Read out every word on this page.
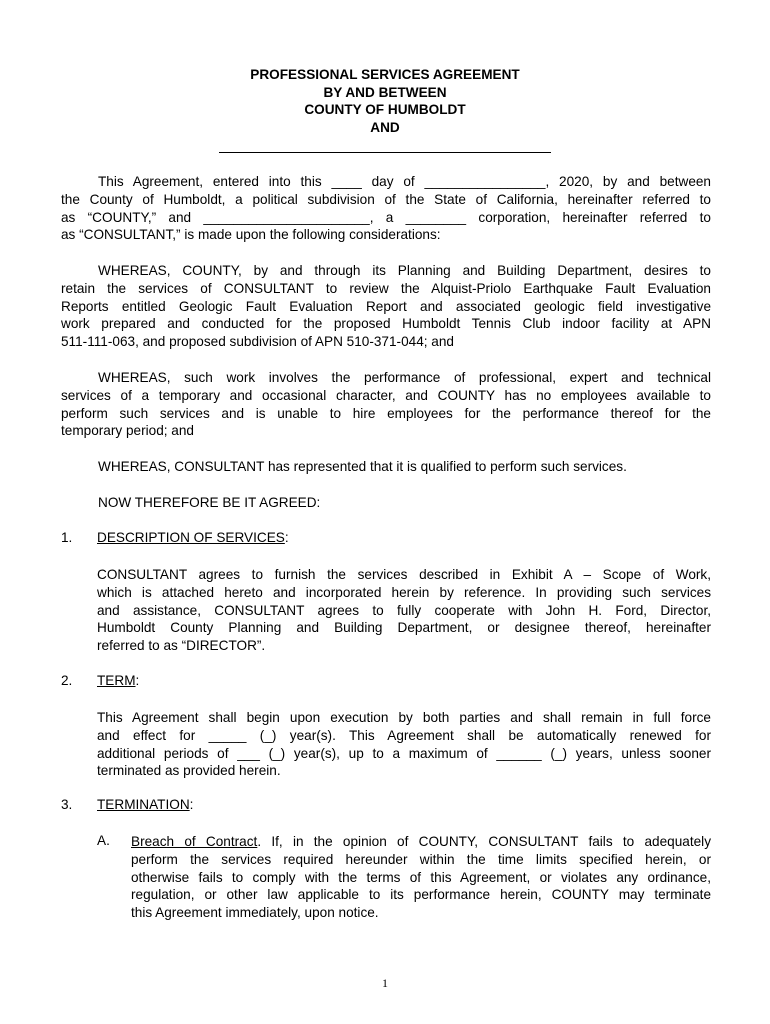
PROFESSIONAL SERVICES AGREEMENT
BY AND BETWEEN
COUNTY OF HUMBOLDT
AND
This Agreement, entered into this ____ day of ________________, 2020, by and between
the County of Humboldt, a political subdivision of the State of California, hereinafter referred to
as “COUNTY,” and ______________________, a ________ corporation, hereinafter referred to
as “CONSULTANT,” is made upon the following considerations:
WHEREAS, COUNTY, by and through its Planning and Building Department, desires to
retain the services of CONSULTANT to review the Alquist-Priolo Earthquake Fault Evaluation
Reports entitled Geologic Fault Evaluation Report and associated geologic field investigative
work prepared and conducted for the proposed Humboldt Tennis Club indoor facility at APN
511-111-063, and proposed subdivision of APN 510-371-044; and
WHEREAS, such work involves the performance of professional, expert and technical
services of a temporary and occasional character, and COUNTY has no employees available to
perform such services and is unable to hire employees for the performance thereof for the
temporary period; and
WHEREAS, CONSULTANT has represented that it is qualified to perform such services.
NOW THEREFORE BE IT AGREED:
1. DESCRIPTION OF SERVICES:
CONSULTANT agrees to furnish the services described in Exhibit A – Scope of Work,
which is attached hereto and incorporated herein by reference. In providing such services
and assistance, CONSULTANT agrees to fully cooperate with John H. Ford, Director,
Humboldt County Planning and Building Department, or designee thereof, hereinafter
referred to as “DIRECTOR”.
2. TERM:
This Agreement shall begin upon execution by both parties and shall remain in full force
and effect for _____ (_) year(s). This Agreement shall be automatically renewed for
additional periods of ___ (_) year(s), up to a maximum of ______ (_) years, unless sooner
terminated as provided herein.
3. TERMINATION:
A. Breach of Contract. If, in the opinion of COUNTY, CONSULTANT fails to adequately
perform the services required hereunder within the time limits specified herein, or
otherwise fails to comply with the terms of this Agreement, or violates any ordinance,
regulation, or other law applicable to its performance herein, COUNTY may terminate
this Agreement immediately, upon notice.
1
